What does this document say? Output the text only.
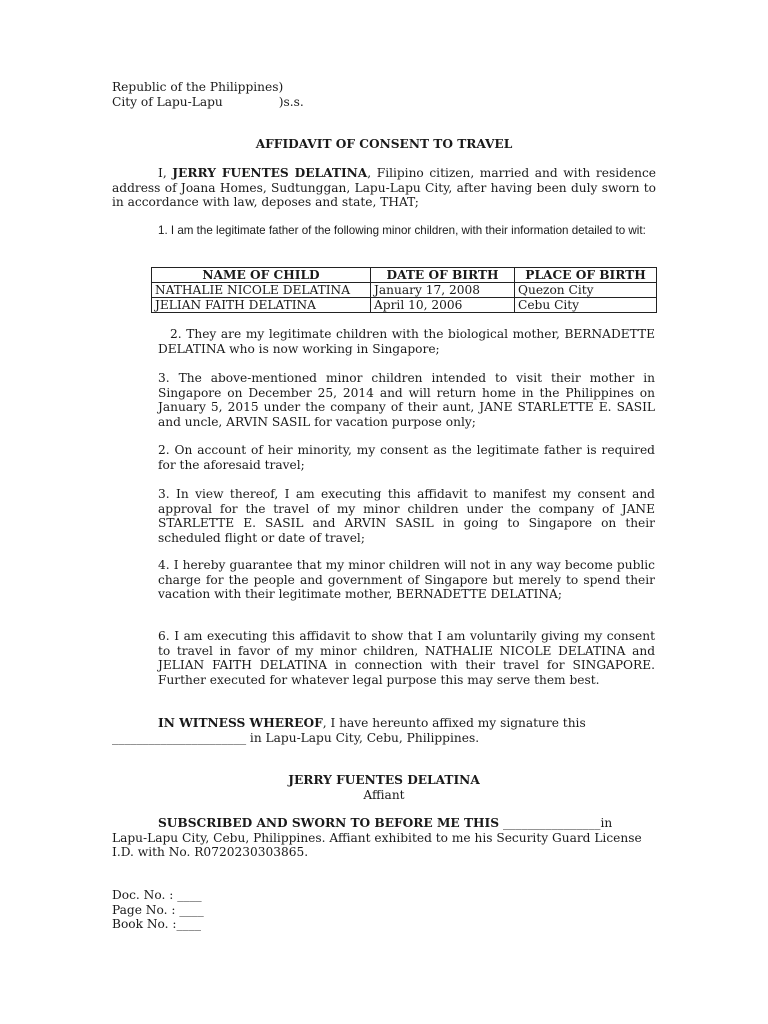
Republic of the Philippines)
City of Lapu-Lapu	)s.s.
AFFIDAVIT OF CONSENT TO TRAVEL
I, JERRY FUENTES DELATINA, Filipino citizen, married and with residence address of Joana Homes, Sudtunggan, Lapu-Lapu City, after having been duly sworn to in accordance with law, deposes and state, THAT;
1. I am the legitimate father of the following minor children, with their information detailed to wit:
NAME OF CHILD	DATE OF BIRTH	PLACE OF BIRTH
NATHALIE NICOLE DELATINA	January 17, 2008	Quezon City
JELIAN FAITH DELATINA	April 10, 2006	Cebu City
2. They are my legitimate children with the biological mother, BERNADETTE DELATINA who is now working in Singapore;
3. The above-mentioned minor children intended to visit their mother in Singapore on December 25, 2014 and will return home in the Philippines on January 5, 2015 under the company of their aunt, JANE STARLETTE E. SASIL and uncle, ARVIN SASIL for vacation purpose only;
2. On account of heir minority, my consent as the legitimate father is required for the aforesaid travel;
3. In view thereof, I am executing this affidavit to manifest my consent and approval for the travel of my minor children under the company of JANE STARLETTE E. SASIL and ARVIN SASIL in going to Singapore on their scheduled flight or date of travel;
4. I hereby guarantee that my minor children will not in any way become public charge for the people and government of Singapore but merely to spend their vacation with their legitimate mother, BERNADETTE DELATINA;
6. I am executing this affidavit to show that I am voluntarily giving my consent to travel in favor of my minor children, NATHALIE NICOLE DELATINA and JELIAN FAITH DELATINA in connection with their travel for SINGAPORE. Further executed for whatever legal purpose this may serve them best.
IN WITNESS WHEREOF, I have hereunto affixed my signature this
______________________ in Lapu-Lapu City, Cebu, Philippines.
JERRY FUENTES DELATINA
Affiant
SUBSCRIBED AND SWORN TO BEFORE ME THIS ________________in
Lapu-Lapu City, Cebu, Philippines. Affiant exhibited to me his Security Guard License I.D. with No. R0720230303865.
Doc. No. : ____
Page No. : ____
Book No. :____
